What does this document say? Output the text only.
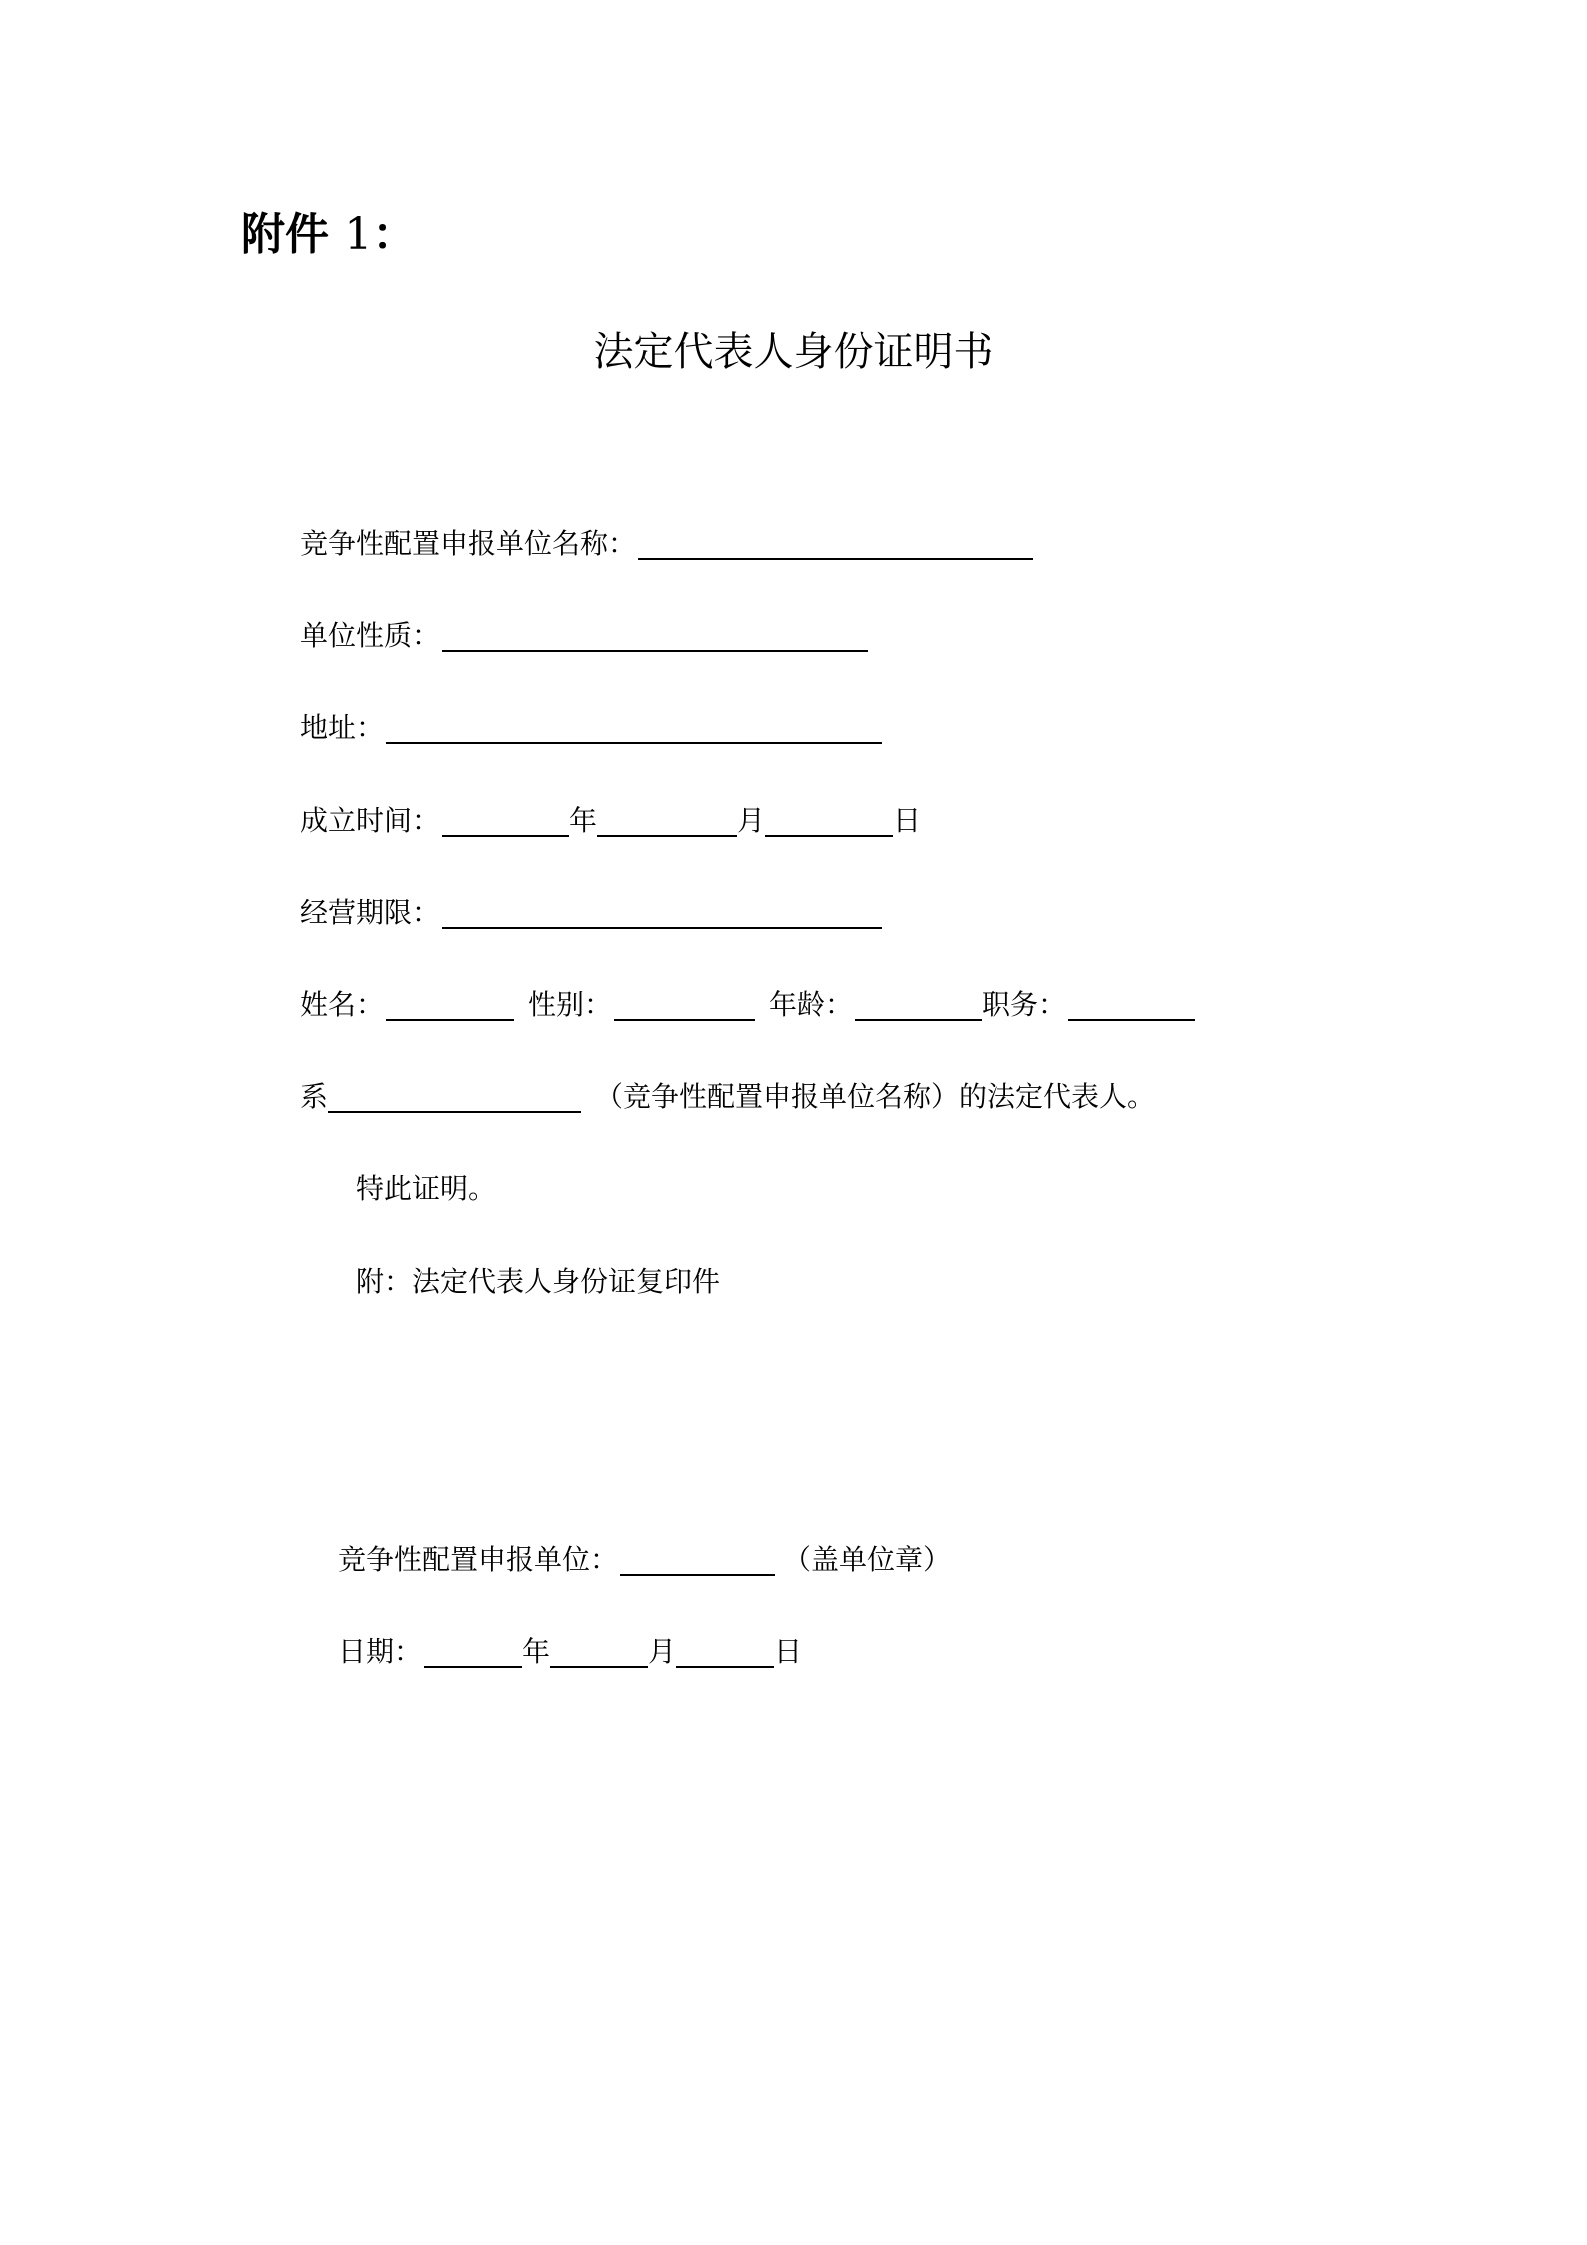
附件 1：
法定代表人身份证明书
竞争性配置申报单位名称：
单位性质：
地址：
成立时间：	年	月	日
经营期限：
姓名：	性别：	年龄：	职务：
系	（竞争性配置申报单位名称）的法定代表人。
特此证明。
附：法定代表人身份证复印件
竞争性配置申报单位：	（盖单位章）
日期：	年	月	日
